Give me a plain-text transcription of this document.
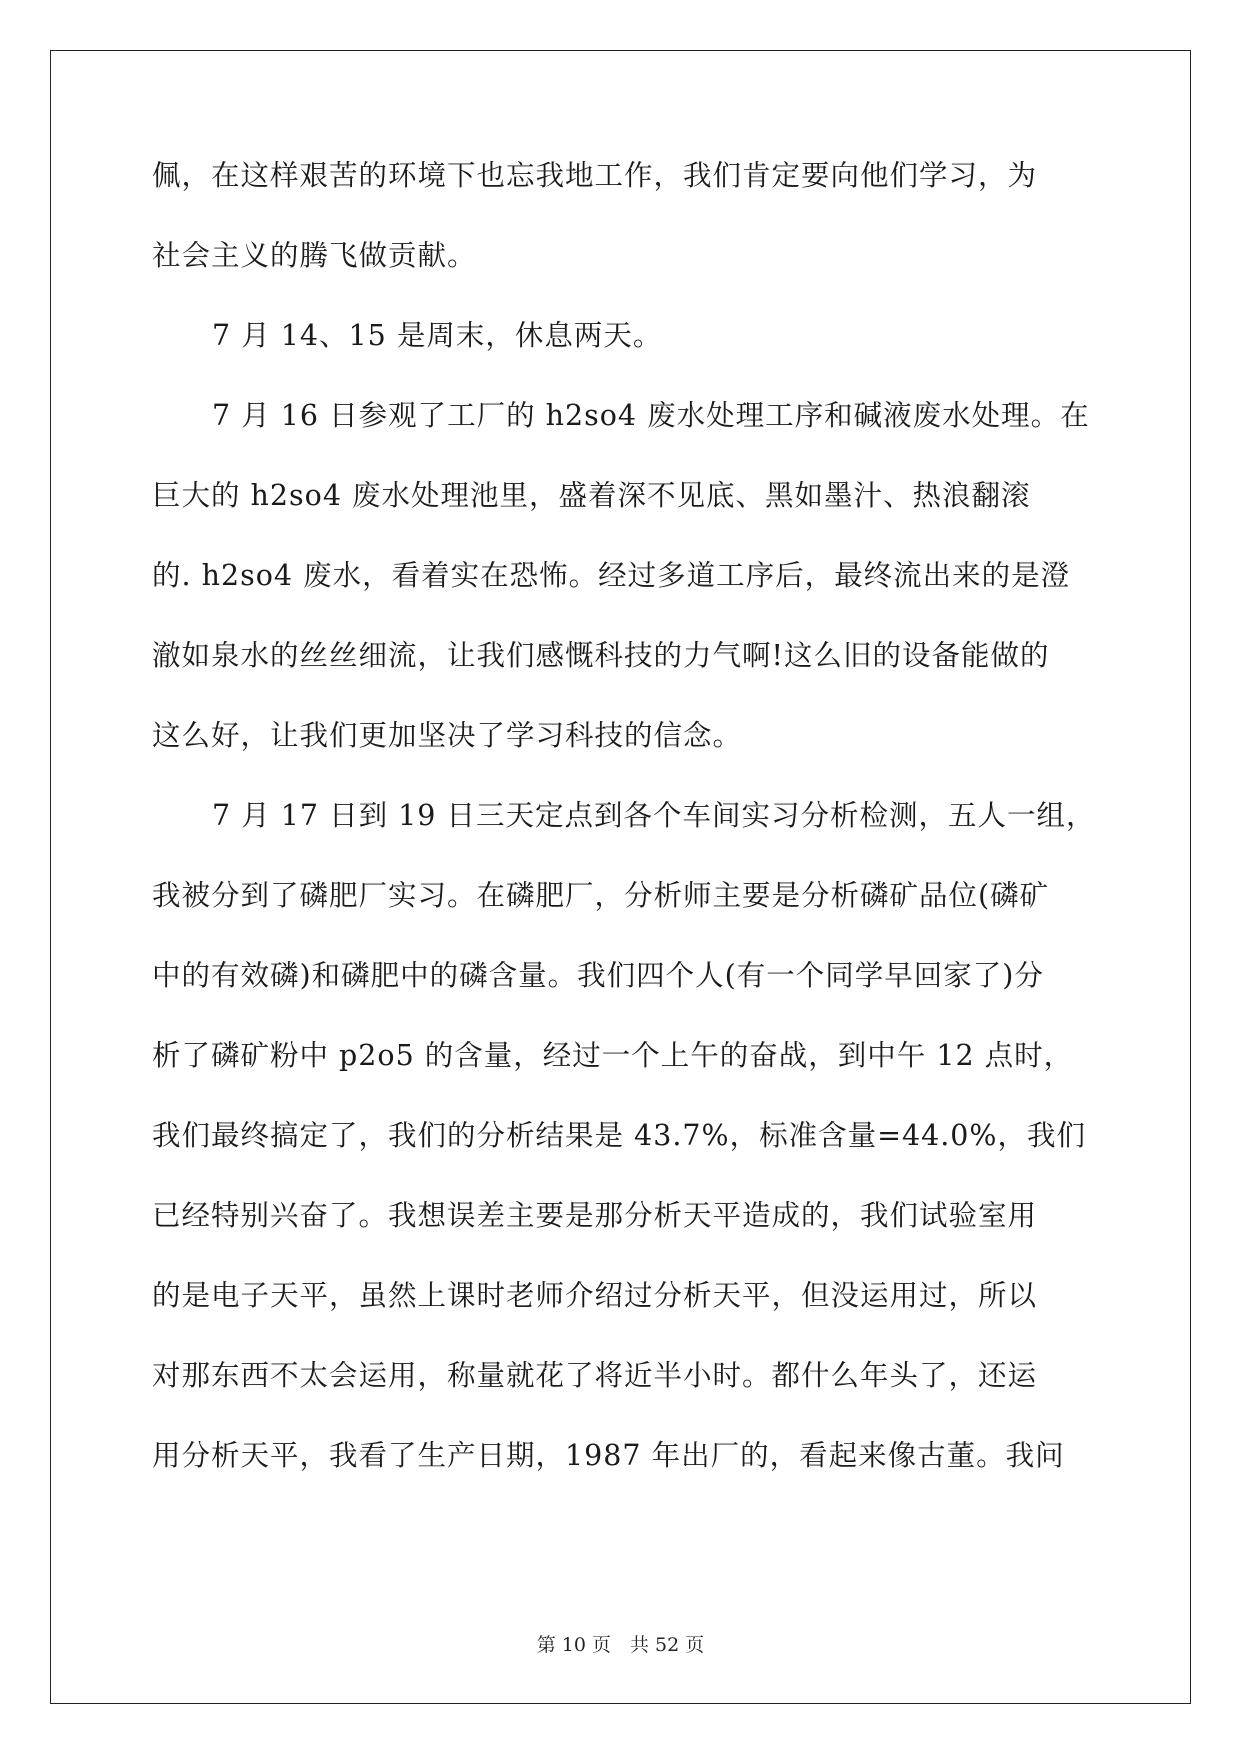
佩，在这样艰苦的环境下也忘我地工作，我们肯定要向他们学习，为
社会主义的腾飞做贡献。
7 月 14、15 是周末，休息两天。
7 月 16 日参观了工厂的 h2so4 废水处理工序和碱液废水处理。在
巨大的 h2so4 废水处理池里，盛着深不见底、黑如墨汁、热浪翻滚
的. h2so4 废水，看着实在恐怖。经过多道工序后，最终流出来的是澄
澈如泉水的丝丝细流，让我们感慨科技的力气啊!这么旧的设备能做的
这么好，让我们更加坚决了学习科技的信念。
7 月 17 日到 19 日三天定点到各个车间实习分析检测，五人一组，
我被分到了磷肥厂实习。在磷肥厂，分析师主要是分析磷矿品位(磷矿
中的有效磷)和磷肥中的磷含量。我们四个人(有一个同学早回家了)分
析了磷矿粉中 p2o5 的含量，经过一个上午的奋战，到中午 12 点时，
我们最终搞定了，我们的分析结果是 43.7%，标准含量=44.0%，我们
已经特别兴奋了。我想误差主要是那分析天平造成的，我们试验室用
的是电子天平，虽然上课时老师介绍过分析天平，但没运用过，所以
对那东西不太会运用，称量就花了将近半小时。都什么年头了，还运
用分析天平，我看了生产日期，1987 年出厂的，看起来像古董。我问
第 10 页　共 52 页
